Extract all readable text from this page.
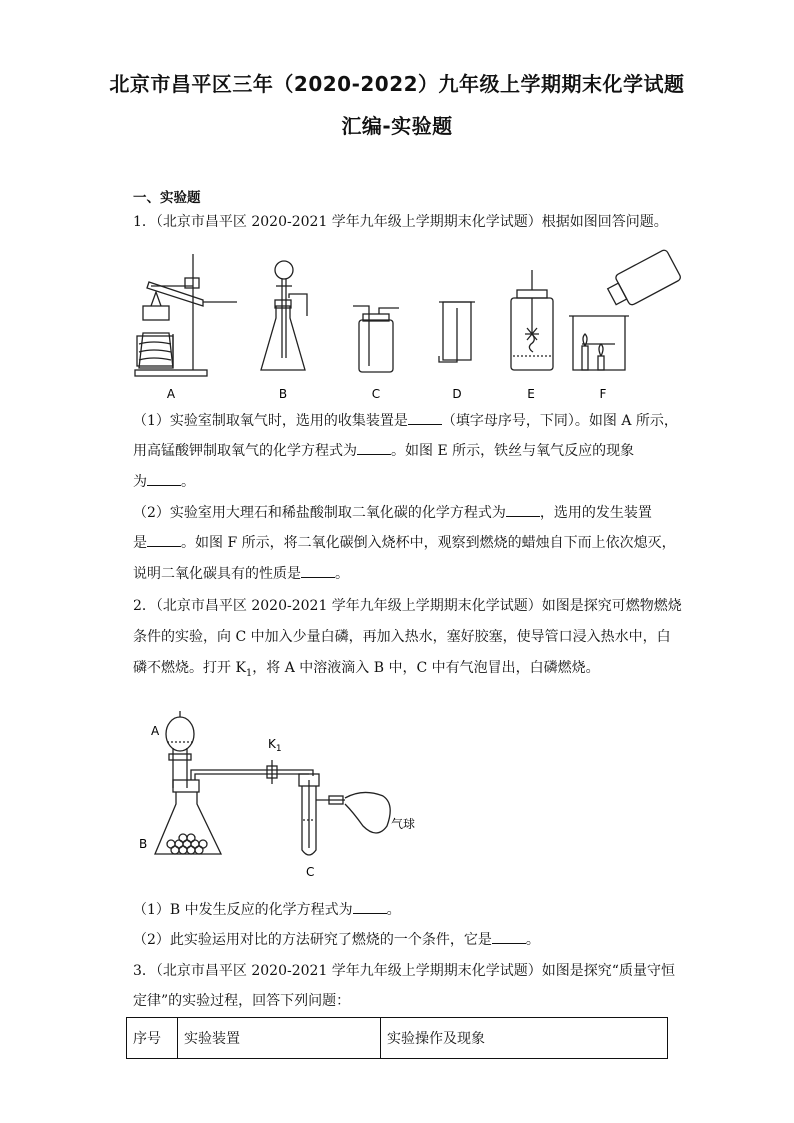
北京市昌平区三年（2020-2022）九年级上学期期末化学试题
汇编-实验题
一、实验题
1．（北京市昌平区 2020-2021 学年九年级上学期期末化学试题）根据如图回答问题。
A	B	C	D	E	F
（1）实验室制取氧气时，选用的收集装置是 （填字母序号，下同）。如图 A 所示，
用高锰酸钾制取氧气的化学方程式为 。如图 E 所示，铁丝与氧气反应的现象
为 。
（2）实验室用大理石和稀盐酸制取二氧化碳的化学方程式为 ，选用的发生装置
是 。如图 F 所示，将二氧化碳倒入烧杯中，观察到燃烧的蜡烛自下而上依次熄灭，
说明二氧化碳具有的性质是 。
2．（北京市昌平区 2020-2021 学年九年级上学期期末化学试题）如图是探究可燃物燃烧
条件的实验，向 C 中加入少量白磷，再加入热水，塞好胶塞，使导管口浸入热水中，白
磷不燃烧。打开 $K_1$，将 A 中溶液滴入 B 中，C 中有气泡冒出，白磷燃烧。
A
B
C
$K_1$
气球
（1）B 中发生反应的化学方程式为 。
（2）此实验运用对比的方法研究了燃烧的一个条件，它是 。
3．（北京市昌平区 2020-2021 学年九年级上学期期末化学试题）如图是探究“质量守恒
定律”的实验过程，回答下列问题：
序号	实验装置	实验操作及现象
